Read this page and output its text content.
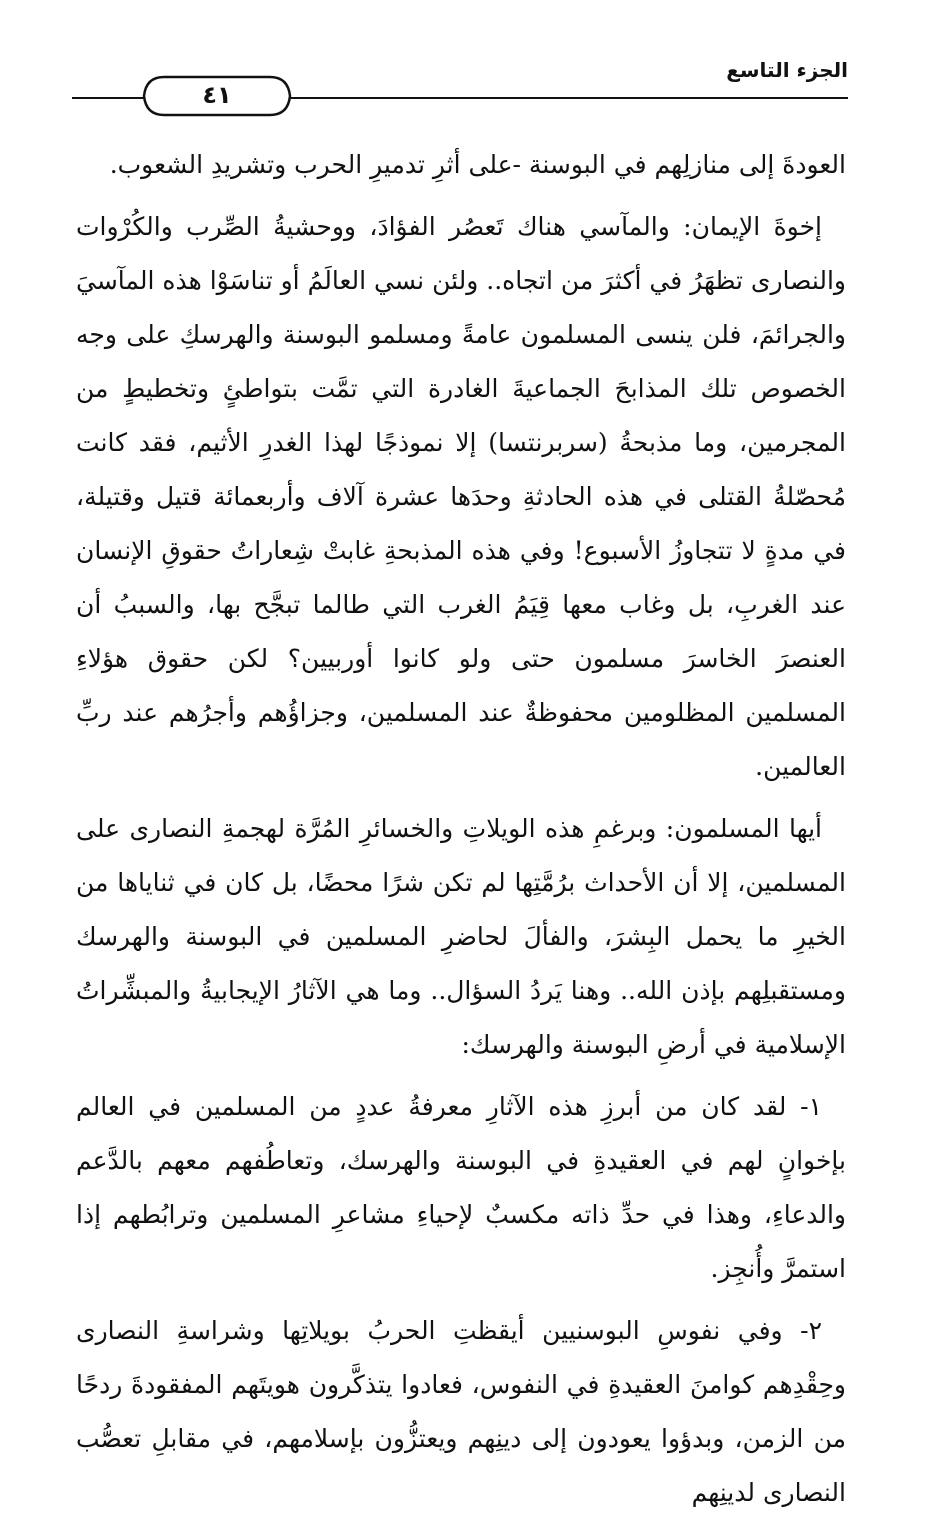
الجزء التاسع
٤١

العودةَ إلى منازلِهم في البوسنة -على أثرِ تدميرِ الحرب وتشريدِ الشعوب.

إخوةَ الإيمان: والمآسي هناك تَعصُر الفؤادَ، ووحشيةُ الصِّرب والكُرْوات والنصارى تظهَرُ في أكثرَ من اتجاه.. ولئن نسي العالَمُ أو تناسَوْا هذه المآسيَ والجرائمَ، فلن ينسى المسلمون عامةً ومسلمو البوسنة والهرسكِ على وجه الخصوص تلك المذابحَ الجماعيةَ الغادرة التي تمَّت بتواطئٍ وتخطيطٍ من المجرمين، وما مذبحةُ (سربرنتسا) إلا نموذجًا لهذا الغدرِ الأثيم، فقد كانت مُحصّلةُ القتلى في هذه الحادثةِ وحدَها عشرة آلاف وأربعمائة قتيل وقتيلة، في مدةٍ لا تتجاوزُ الأسبوع! وفي هذه المذبحةِ غابتْ شِعاراتُ حقوقِ الإنسان عند الغربِ، بل وغاب معها قِيَمُ الغرب التي طالما تبجَّح بها، والسببُ أن العنصرَ الخاسرَ مسلمون حتى ولو كانوا أوربيين؟ لكن حقوق هؤلاءِ المسلمين المظلومين محفوظةٌ عند المسلمين، وجزاؤُهم وأجرُهم عند ربِّ العالمين.

أيها المسلمون: وبرغمِ هذه الويلاتِ والخسائرِ المُرَّة لهجمةِ النصارى على المسلمين، إلا أن الأحداث برُمَّتِها لم تكن شرًا محضًا، بل كان في ثناياها من الخيرِ ما يحمل البِشرَ، والفألَ لحاضرِ المسلمين في البوسنة والهرسك ومستقبلِهم بإذن الله.. وهنا يَردُ السؤال.. وما هي الآثارُ الإيجابيةُ والمبشِّراتُ الإسلامية في أرضِ البوسنة والهرسك:

١- لقد كان من أبرزِ هذه الآثارِ معرفةُ عددٍ من المسلمين في العالم بإخوانٍ لهم في العقيدةِ في البوسنة والهرسك، وتعاطُفهم معهم بالدَّعم والدعاءِ، وهذا في حدِّ ذاته مكسبٌ لإحياءِ مشاعرِ المسلمين وترابُطهم إذا استمرَّ وأُنجِز.

٢- وفي نفوسِ البوسنيين أيقظتِ الحربُ بويلاتِها وشراسةِ النصارى وحِقْدِهم كوامنَ العقيدةِ في النفوس، فعادوا يتذكَّرون هويتَهم المفقودةَ ردحًا من الزمن، وبدؤوا يعودون إلى دينِهم ويعتزُّون بإسلامهم، في مقابلِ تعصُّب النصارى لدينِهم
